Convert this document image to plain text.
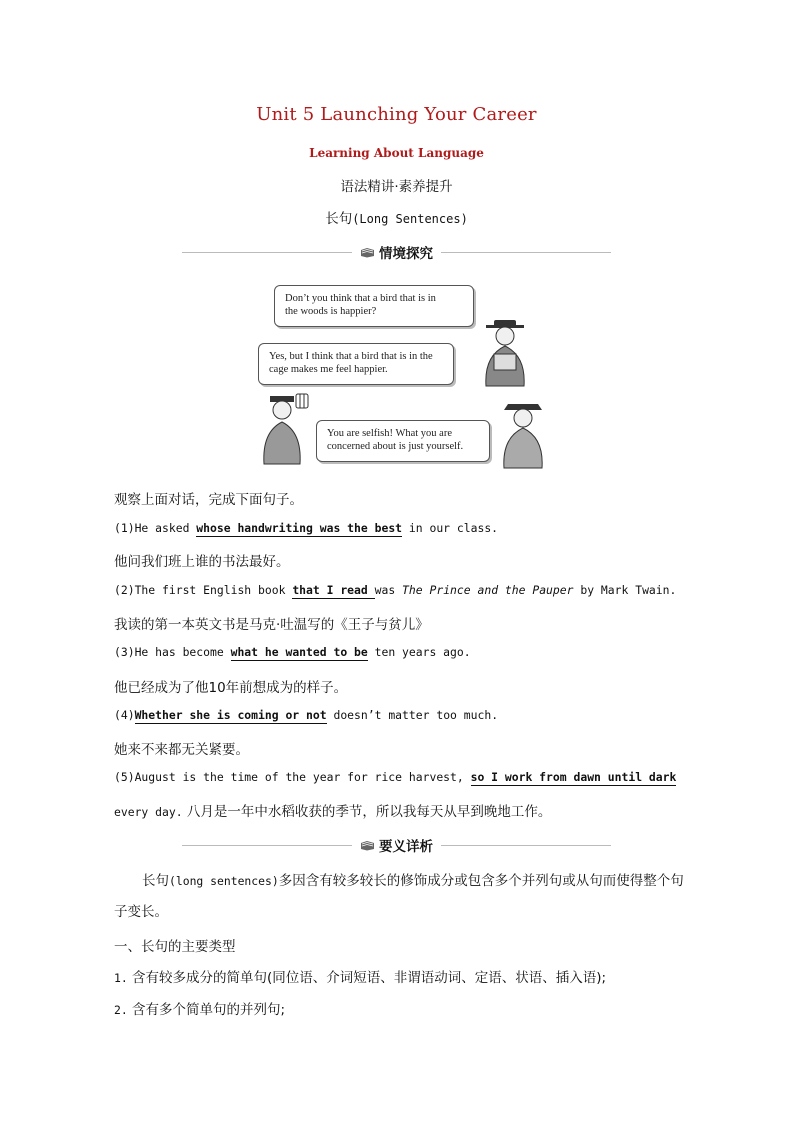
Unit 5 Launching Your Career
Learning About Language
语法精讲·素养提升
长句(Long Sentences)
情境探究
Don’t you think that a bird that is in
the woods is happier?
Yes, but I think that a bird that is in the
cage makes me feel happier.
You are selfish! What you are
concerned about is just yourself.
观察上面对话，完成下面句子。
(1)He asked whose handwriting was the best in our class.
他问我们班上谁的书法最好。
(2)The first English book that I read was The Prince and the Pauper by Mark Twain.
我读的第一本英文书是马克·吐温写的《王子与贫儿》
(3)He has become what he wanted to be ten years ago.
他已经成为了他10年前想成为的样子。
(4)Whether she is coming or not doesn’t matter too much.
她来不来都无关紧要。
(5)August is the time of the year for rice harvest, so I work from dawn until dark
every day. 八月是一年中水稻收获的季节，所以我每天从早到晚地工作。
要义详析
长句(long sentences)多因含有较多较长的修饰成分或包含多个并列句或从句而使得整个句子变长。
一、长句的主要类型
1. 含有较多成分的简单句(同位语、介词短语、非谓语动词、定语、状语、插入语);
2. 含有多个简单句的并列句;
